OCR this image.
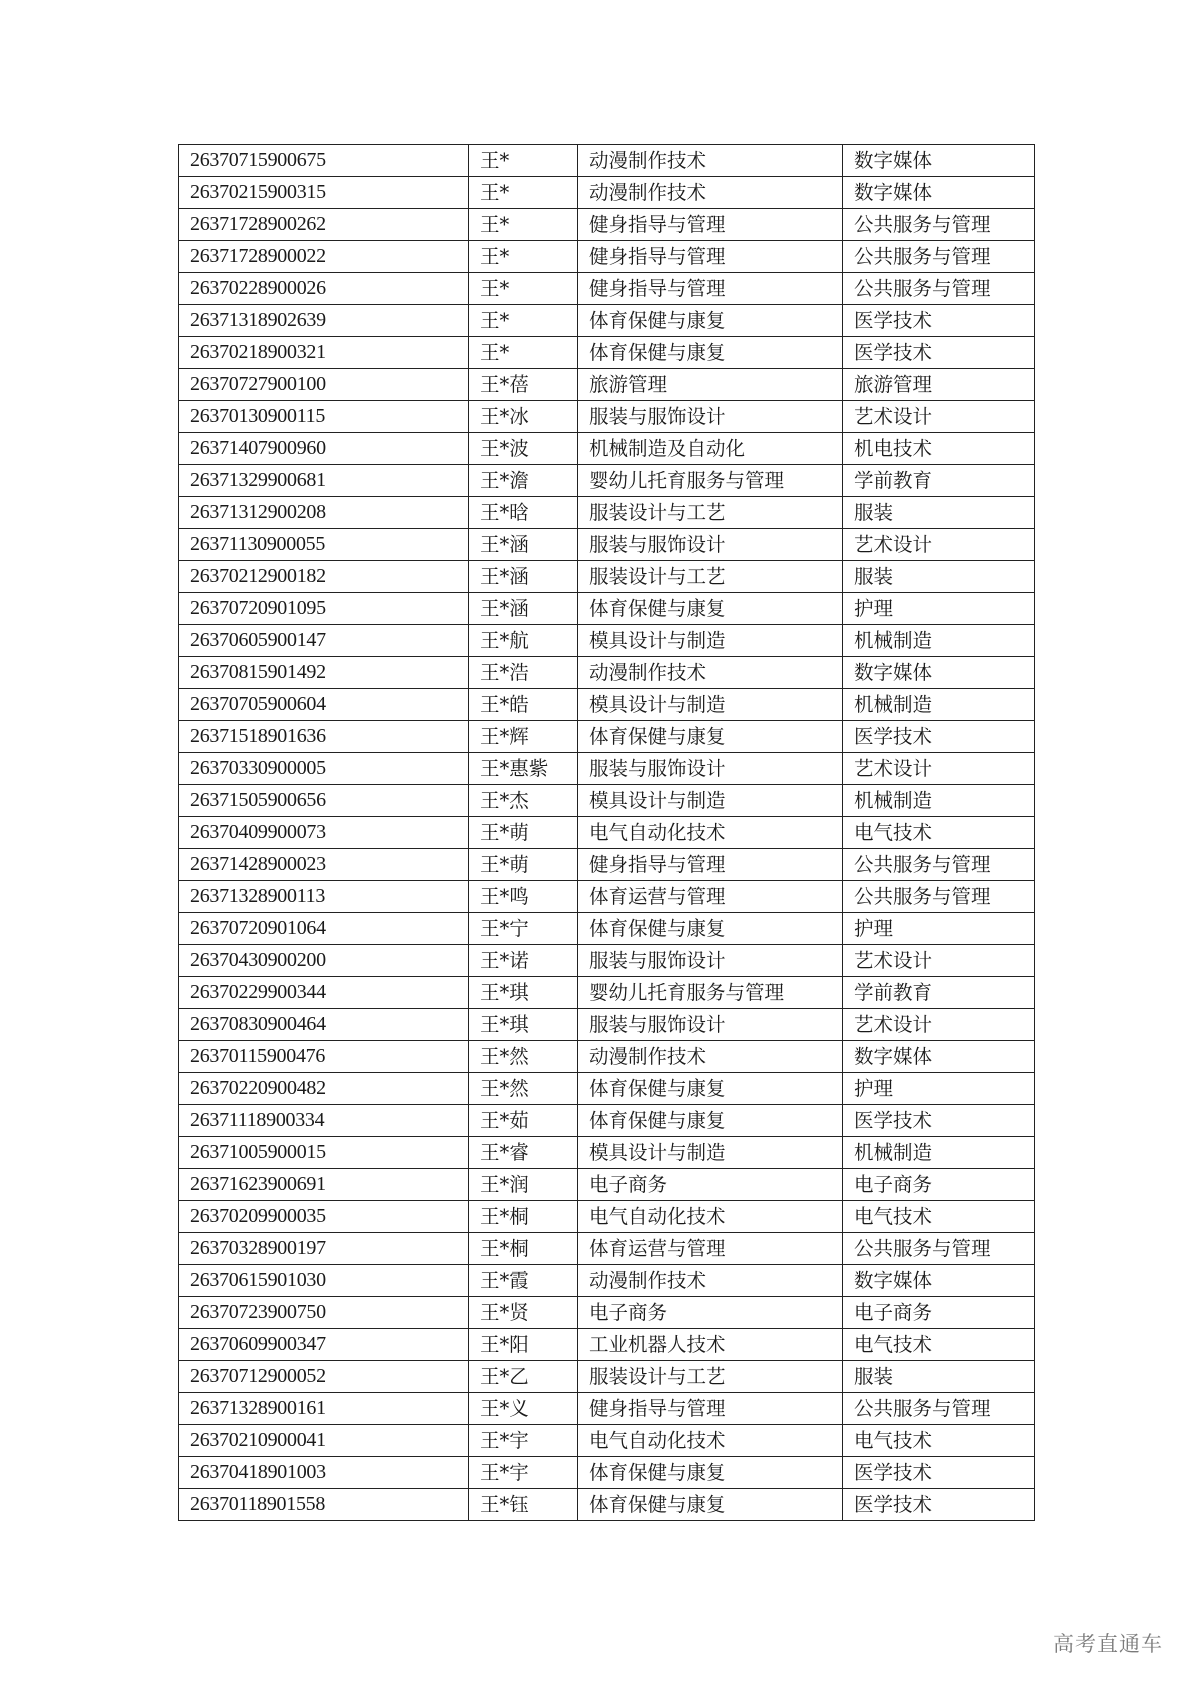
26370715900675	王*	动漫制作技术	数字媒体
26370215900315	王*	动漫制作技术	数字媒体
26371728900262	王*	健身指导与管理	公共服务与管理
26371728900022	王*	健身指导与管理	公共服务与管理
26370228900026	王*	健身指导与管理	公共服务与管理
26371318902639	王*	体育保健与康复	医学技术
26370218900321	王*	体育保健与康复	医学技术
26370727900100	王*蓓	旅游管理	旅游管理
26370130900115	王*冰	服装与服饰设计	艺术设计
26371407900960	王*波	机械制造及自动化	机电技术
26371329900681	王*澹	婴幼儿托育服务与管理	学前教育
26371312900208	王*晗	服装设计与工艺	服装
26371130900055	王*涵	服装与服饰设计	艺术设计
26370212900182	王*涵	服装设计与工艺	服装
26370720901095	王*涵	体育保健与康复	护理
26370605900147	王*航	模具设计与制造	机械制造
26370815901492	王*浩	动漫制作技术	数字媒体
26370705900604	王*皓	模具设计与制造	机械制造
26371518901636	王*辉	体育保健与康复	医学技术
26370330900005	王*惠紫	服装与服饰设计	艺术设计
26371505900656	王*杰	模具设计与制造	机械制造
26370409900073	王*萌	电气自动化技术	电气技术
26371428900023	王*萌	健身指导与管理	公共服务与管理
26371328900113	王*鸣	体育运营与管理	公共服务与管理
26370720901064	王*宁	体育保健与康复	护理
26370430900200	王*诺	服装与服饰设计	艺术设计
26370229900344	王*琪	婴幼儿托育服务与管理	学前教育
26370830900464	王*琪	服装与服饰设计	艺术设计
26370115900476	王*然	动漫制作技术	数字媒体
26370220900482	王*然	体育保健与康复	护理
26371118900334	王*茹	体育保健与康复	医学技术
26371005900015	王*睿	模具设计与制造	机械制造
26371623900691	王*润	电子商务	电子商务
26370209900035	王*桐	电气自动化技术	电气技术
26370328900197	王*桐	体育运营与管理	公共服务与管理
26370615901030	王*霞	动漫制作技术	数字媒体
26370723900750	王*贤	电子商务	电子商务
26370609900347	王*阳	工业机器人技术	电气技术
26370712900052	王*乙	服装设计与工艺	服装
26371328900161	王*义	健身指导与管理	公共服务与管理
26370210900041	王*宇	电气自动化技术	电气技术
26370418901003	王*宇	体育保健与康复	医学技术
26370118901558	王*钰	体育保健与康复	医学技术
高考直通车
